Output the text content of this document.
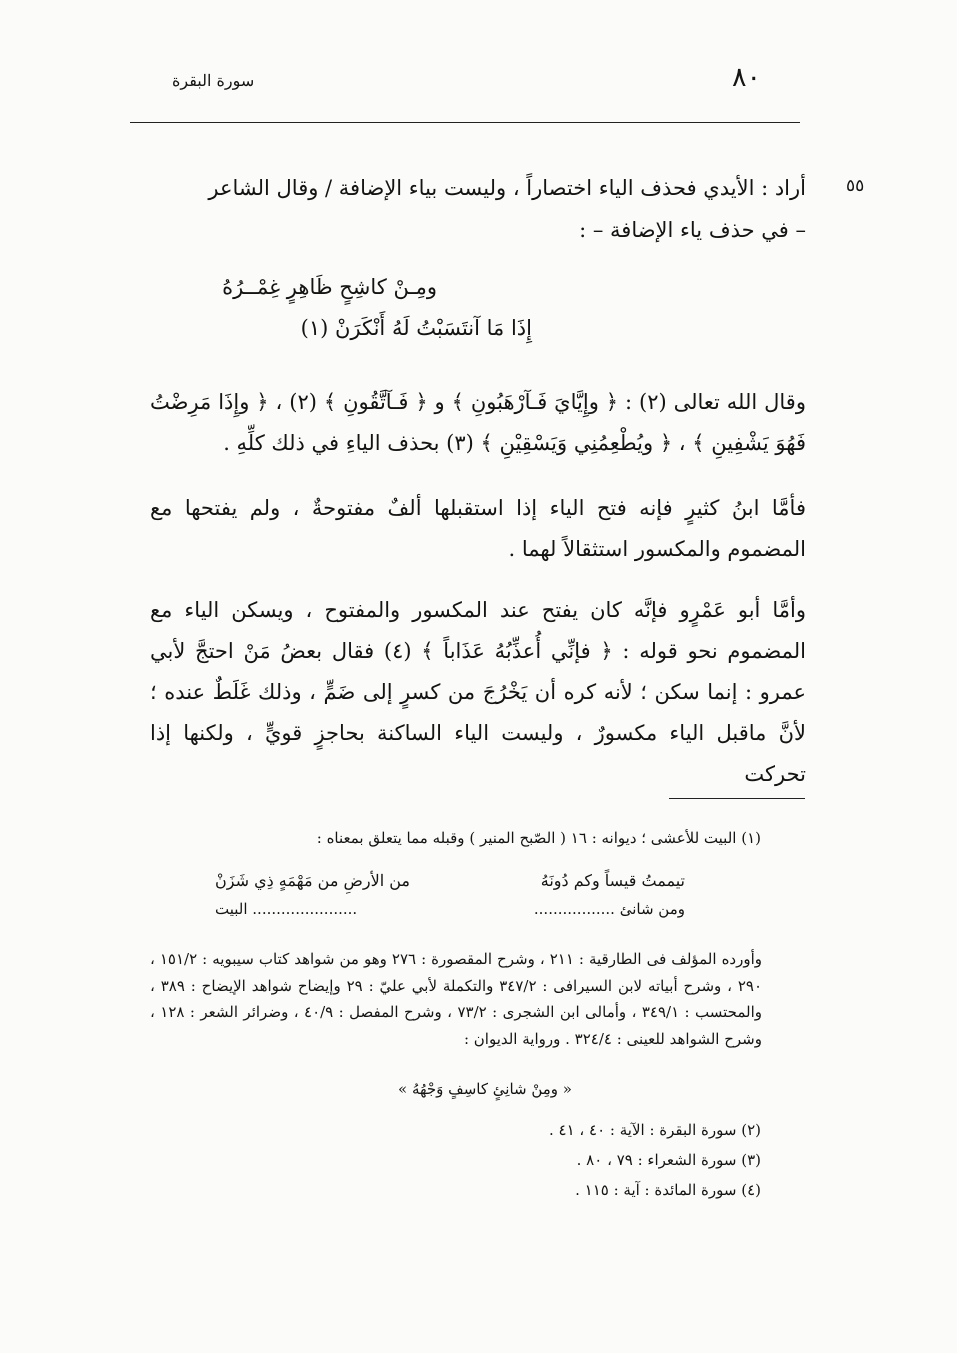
سورة البقرة	٨٠
٥٥
أراد : الأيدي فحذف الياء اختصاراً ، وليست بياء الإضافة / وقال الشاعر
– في حذف ياء الإضافة – :
ومِـنْ كاشِحٍ ظَاهِرٍ غِمْــرُهُ
إِذَا مَا آنتَسَبْتُ لَهُ أَنْكَرَنْ (١)
وقال الله تعالى (٢) : ﴿ وإِيَّايَ فَـآرْهَبُونِ ﴾ و ﴿ فَـآتَّقُونِ ﴾ (٢) ، ﴿ وإِذَا مَرِضْتُ فَهُوَ يَشْفِينِ ﴾ ، ﴿ ويُطْعِمُنِي وَيَسْقِيْنِ ﴾ (٣) بحذف الياءِ في ذلك كلِّهِ .
فأمَّا ابنُ كثيرٍ فإنه فتح الياء إذا استقبلها ألفٌ مفتوحةٌ ، ولم يفتحها مع المضموم والمكسور استثقالاً لهما .
وأمَّا أبو عَمْرٍو فإنَّه كان يفتح عند المكسور والمفتوح ، ويسكن الياء مع المضموم نحو قوله : ﴿ فإنِّي أُعذِّبُهُ عَذَاباً ﴾ (٤) فقال بعضُ مَنْ احتجَّ لأبي عمرو : إنما سكن ؛ لأنه كره أن يَخْرُجَ من كسرٍ إلى ضَمٍّ ، وذلك غَلَطٌ عنده ؛ لأنَّ ماقبل الياء مكسورٌ ، وليست الياء الساكنة بحاجزٍ قويٍّ ، ولكنها إذا تحركت
(١) البيت للأعشى ؛ ديوانه : ١٦ ( الصّبح المنير ) وقبله مما يتعلق بمعناه :
تيممتُ قيساً وكم دُونَهُ
من الأرضِ من مَهْمَهٍ ذِي شَزَنْ
ومن شانئ .................
...................... البيت
وأورده المؤلف فى الطارقية : ٢١١ ، وشرح المقصورة : ٢٧٦ وهو من شواهد كتاب سيبويه : ١٥١/٢ ، ٢٩٠ ، وشرح أبياته لابن السيرافى : ٣٤٧/٢ والتكملة لأبي عليّ : ٢٩ وإيضاح شواهد الإيضاح : ٣٨٩ ، والمحتسب : ٣٤٩/١ ، وأمالى ابن الشجرى : ٧٣/٢ ، وشرح المفصل : ٤٠/٩ ، وضرائر الشعر : ١٢٨ ، وشرح الشواهد للعينى : ٣٢٤/٤ . ورواية الديوان :
« ومِنْ شانِئٍ كاسِفٍ وَجْهُهُ »
(٢) سورة البقرة : الآية : ٤٠ ، ٤١ .
(٣) سورة الشعراء : ٧٩ ، ٨٠ .
(٤) سورة المائدة : آية : ١١٥ .
